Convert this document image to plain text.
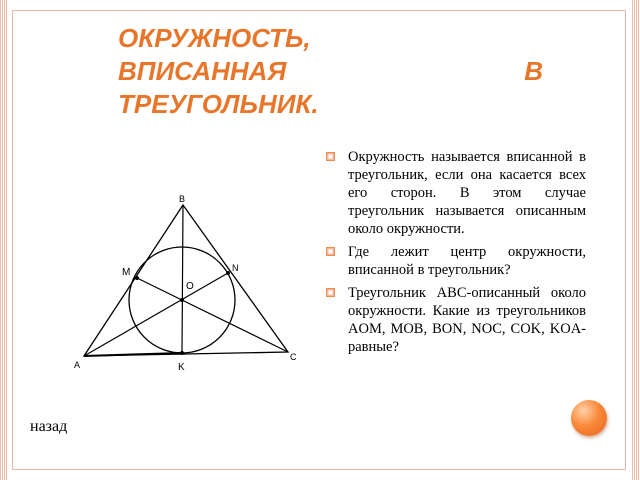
ОКРУЖНОСТЬ,
ВПИСАННАЯ	В
ТРЕУГОЛЬНИК.
B
M	N
O
A	K
C
Окружность называется вписанной в треугольник, если она касается всех его сторон. В этом случае треугольник называется описанным около окружности.
Где лежит центр окружности, вписанной в треугольник?
Треугольник ABC-описанный около окружности. Какие из треугольников AOM, MOB, BON, NOC, COK, KOA-равные?
назад
